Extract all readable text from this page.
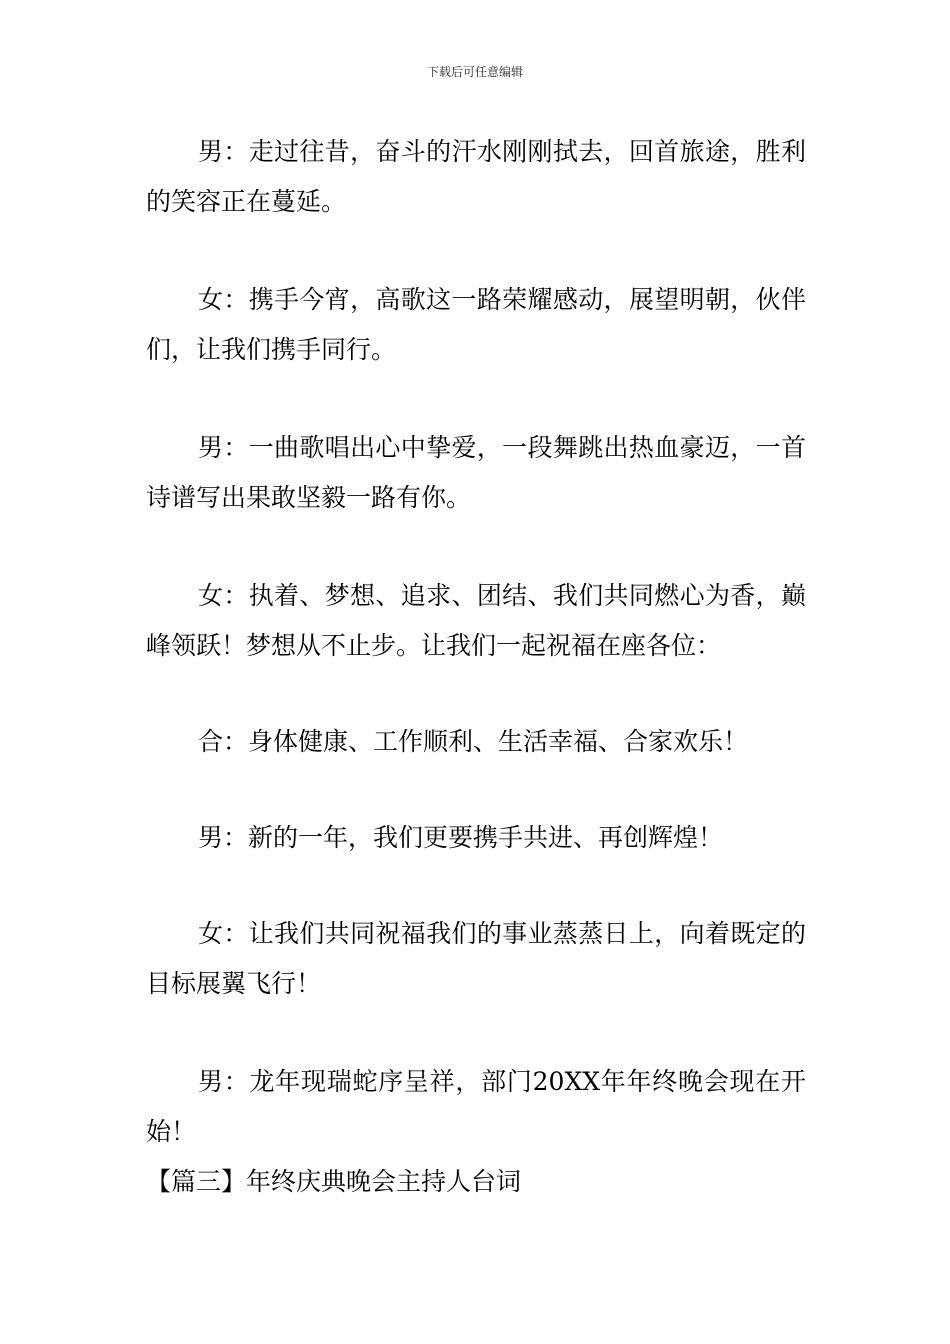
下载后可任意编辑

男：走过往昔，奋斗的汗水刚刚拭去，回首旅途，胜利的笑容正在蔓延。

女：携手今宵，高歌这一路荣耀感动，展望明朝，伙伴们，让我们携手同行。

男：一曲歌唱出心中挚爱，一段舞跳出热血豪迈，一首诗谱写出果敢坚毅一路有你。

女：执着、梦想、追求、团结、我们共同燃心为香，巅峰领跃！梦想从不止步。让我们一起祝福在座各位：

合：身体健康、工作顺利、生活幸福、合家欢乐！

男：新的一年，我们更要携手共进、再创辉煌！

女：让我们共同祝福我们的事业蒸蒸日上，向着既定的目标展翼飞行！

男：龙年现瑞蛇序呈祥，部门20XX年年终晚会现在开始！

【篇三】年终庆典晚会主持人台词
